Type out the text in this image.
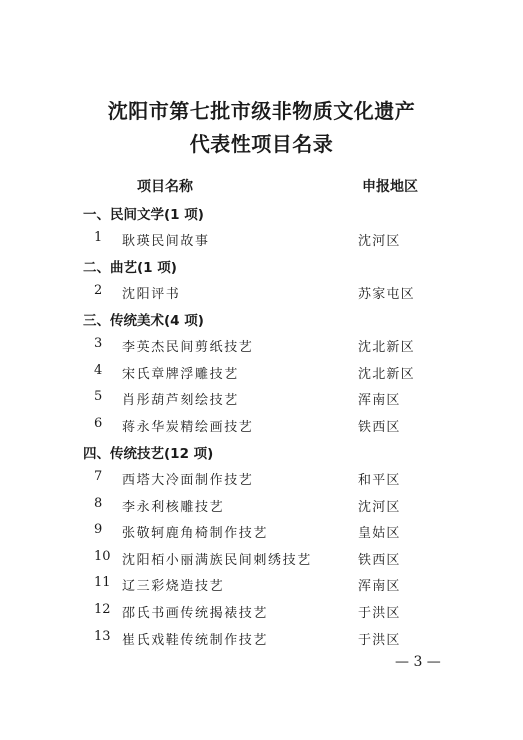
沈阳市第七批市级非物质文化遗产
代表性项目名录
项目名称	申报地区
一、民间文学(1 项)
1 耿瑛民间故事	沈河区
二、曲艺(1 项)
2 沈阳评书	苏家屯区
三、传统美术(4 项)
3 李英杰民间剪纸技艺	沈北新区
4 宋氏章牌浮雕技艺	沈北新区
5 肖彤葫芦刻绘技艺	浑南区
6 蒋永华炭精绘画技艺	铁西区
四、传统技艺(12 项)
7 西塔大冷面制作技艺	和平区
8 李永利核雕技艺	沈河区
9 张敬轲鹿角椅制作技艺	皇姑区
10 沈阳栢小丽满族民间刺绣技艺	铁西区
11 辽三彩烧造技艺	浑南区
12 邵氏书画传统揭裱技艺	于洪区
13 崔氏戏鞋传统制作技艺	于洪区
— 3 —
